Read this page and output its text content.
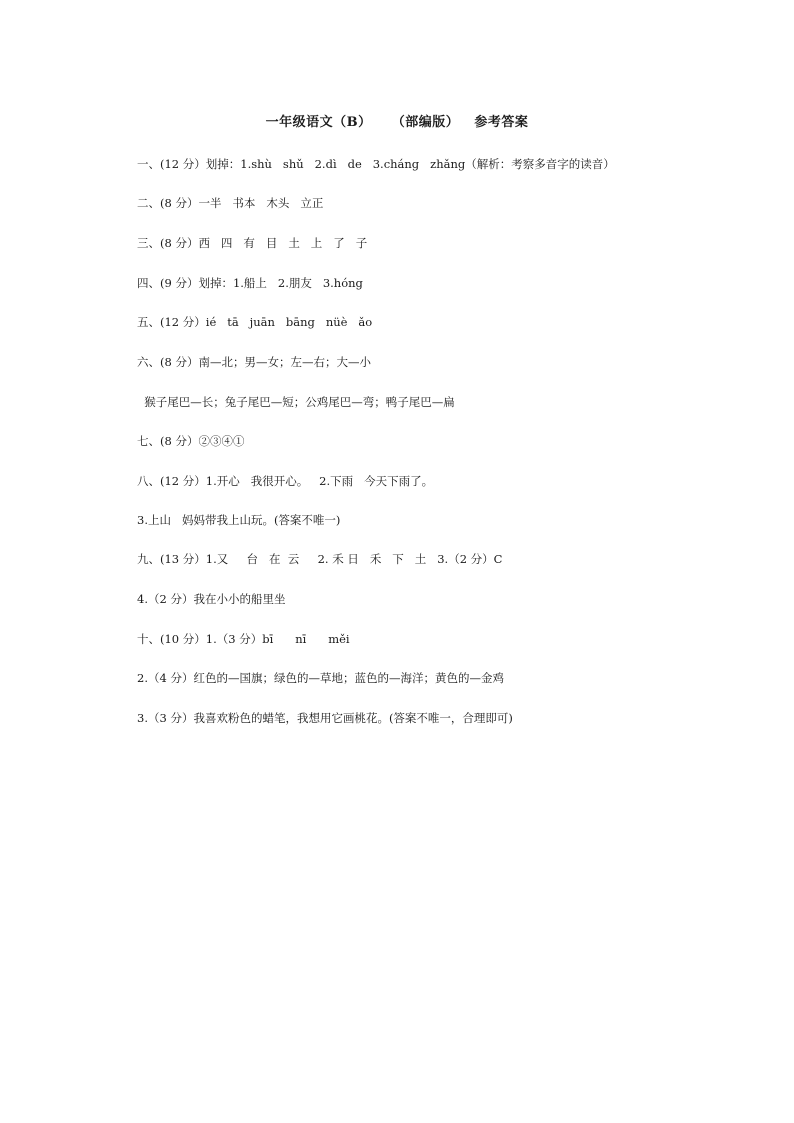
一年级语文（B）    （部编版）   参考答案
一、(12 分）划掉：1.shù   shǔ   2.dì   de   3.cháng   zhǎng（解析：考察多音字的读音）
二、(8 分）一半   书本   木头   立正
三、(8 分）西   四   有   目   土   上   了   子
四、(9 分）划掉：1.船上   2.朋友   3.hóng
五、(12 分）ié   tā   juān   bāng   nüè   ǎo
六、(8 分）南—北；男—女；左—右；大—小
猴子尾巴—长；兔子尾巴—短；公鸡尾巴—弯；鸭子尾巴—扁
七、(8 分）②③④①
八、(12 分）1.开心   我很开心。   2.下雨   今天下雨了。
3.上山   妈妈带我上山玩。(答案不唯一)
九、(13 分）1.又     台   在  云     2. 禾 日   禾   下   土   3.（2 分）C
4.（2 分）我在小小的船里坐
十、(10 分）1.（3 分）bī      nī      měi
2.（4 分）红色的—国旗；绿色的—草地；蓝色的—海洋；黄色的—金鸡
3.（3 分）我喜欢粉色的蜡笔，我想用它画桃花。(答案不唯一，合理即可)
